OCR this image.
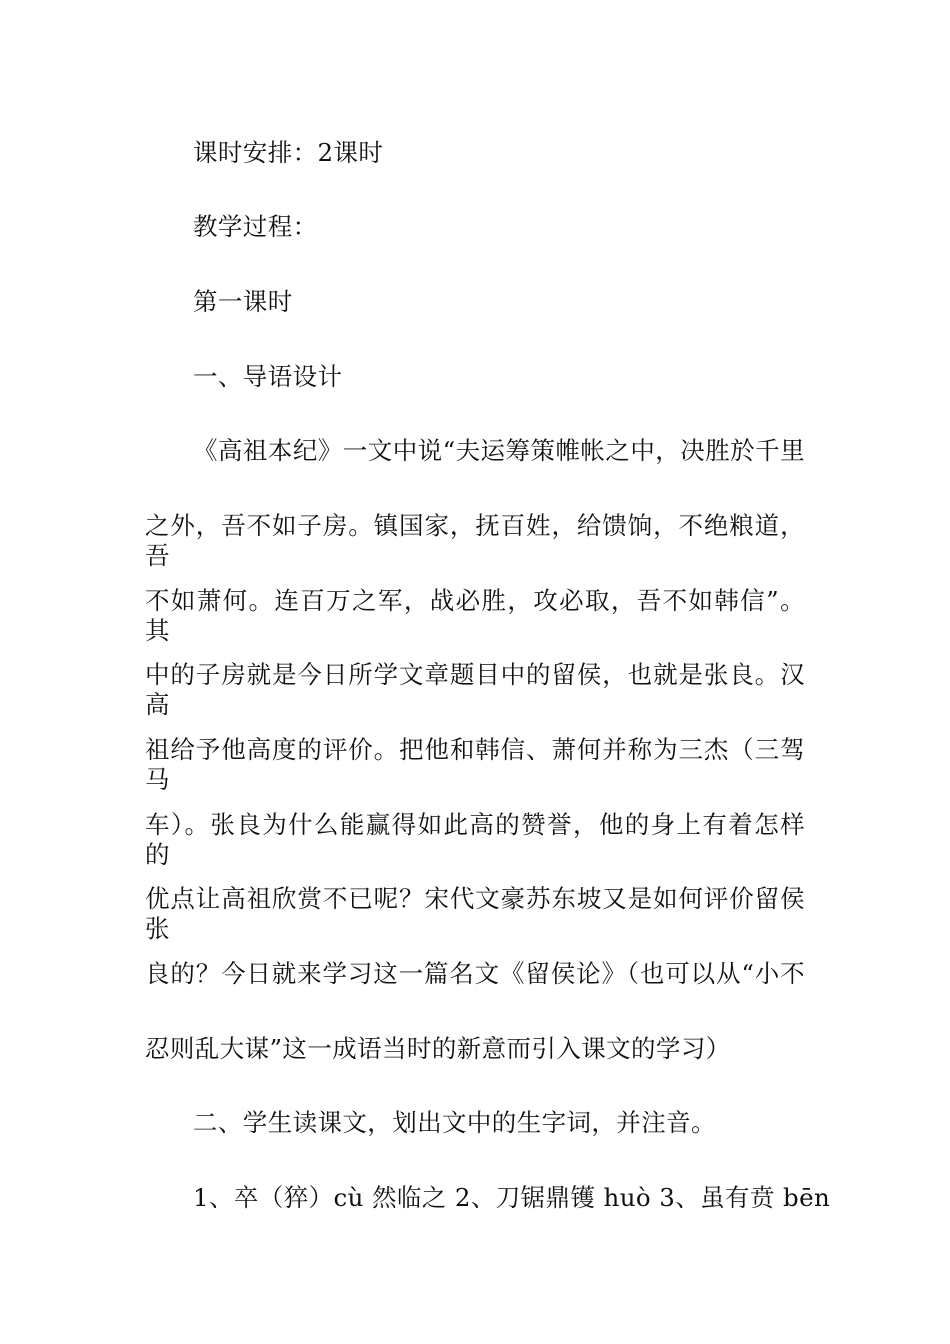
课时安排：2课时
教学过程：
第一课时
一、导语设计
《高祖本纪》一文中说“夫运筹策帷帐之中，决胜於千里
之外，吾不如子房。镇国家，抚百姓，给馈饷，不绝粮道，吾
不如萧何。连百万之军，战必胜，攻必取，吾不如韩信”。其
中的子房就是今日所学文章题目中的留侯，也就是张良。汉高
祖给予他高度的评价。把他和韩信、萧何并称为三杰（三驾马
车）。张良为什么能赢得如此高的赞誉，他的身上有着怎样的
优点让高祖欣赏不已呢？宋代文豪苏东坡又是如何评价留侯张
良的？今日就来学习这一篇名文《留侯论》（也可以从“小不
忍则乱大谋”这一成语当时的新意而引入课文的学习）
二、学生读课文，划出文中的生字词，并注音。
1、卒（猝）cù 然临之 2、刀锯鼎镬 huò 3、虽有贲 bēn
